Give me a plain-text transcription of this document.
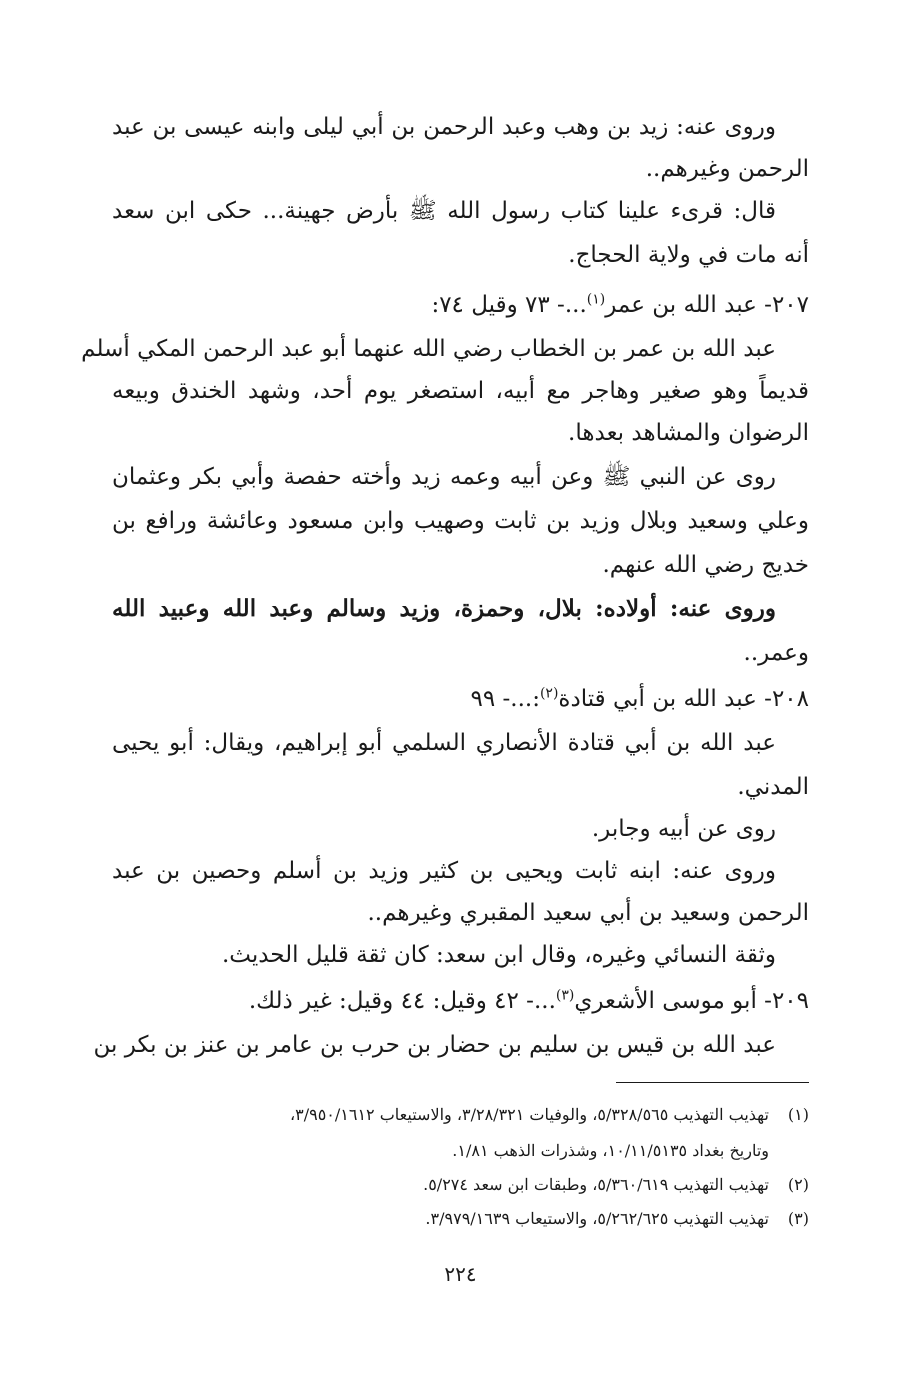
وروى عنه: زيد بن وهب وعبد الرحمن بن أبي ليلى وابنه عيسى بن عبد
الرحمن وغيرهم..
قال: قرىء علينا كتاب رسول الله ﷺ بأرض جهينة... حكى ابن سعد
أنه مات في ولاية الحجاج.
٢٠٧- عبد الله بن عمر$^{(١)}$...- ٧٣ وقيل ٧٤:
عبد الله بن عمر بن الخطاب رضي الله عنهما أبو عبد الرحمن المكي أسلم
قديماً وهو صغير وهاجر مع أبيه، استصغر يوم أحد، وشهد الخندق وبيعه
الرضوان والمشاهد بعدها.
روى عن النبي ﷺ وعن أبيه وعمه زيد وأخته حفصة وأبي بكر وعثمان
وعلي وسعيد وبلال وزيد بن ثابت وصهيب وابن مسعود وعائشة ورافع بن
خديج رضي الله عنهم.
وروى عنه: أولاده: بلال، وحمزة، وزيد وسالم وعبد الله وعبيد الله
وعمر..
٢٠٨- عبد الله بن أبي قتادة$^{(٢)}$:...- ٩٩
عبد الله بن أبي قتادة الأنصاري السلمي أبو إبراهيم، ويقال: أبو يحيى
المدني.
روى عن أبيه وجابر.
وروى عنه: ابنه ثابت ويحيى بن كثير وزيد بن أسلم وحصين بن عبد
الرحمن وسعيد بن أبي سعيد المقبري وغيرهم..
وثقة النسائي وغيره، وقال ابن سعد: كان ثقة قليل الحديث.
٢٠٩- أبو موسى الأشعري$^{(٣)}$...- ٤٢ وقيل: ٤٤ وقيل: غير ذلك.
عبد الله بن قيس بن سليم بن حضار بن حرب بن عامر بن عنز بن بكر بن
(١)تهذيب التهذيب ٥/٣٢٨/٥٦٥، والوفيات ٣/٢٨/٣٢١، والاستيعاب ٣/٩٥٠/١٦١٢،
وتاريخ بغداد ١٠/١١/٥١٣٥، وشذرات الذهب ١/٨١.
(٢)تهذيب التهذيب ٥/٣٦٠/٦١٩، وطبقات ابن سعد ٥/٢٧٤.
(٣)تهذيب التهذيب ٥/٢٦٢/٦٢٥، والاستيعاب ٣/٩٧٩/١٦٣٩.
٢٢٤
